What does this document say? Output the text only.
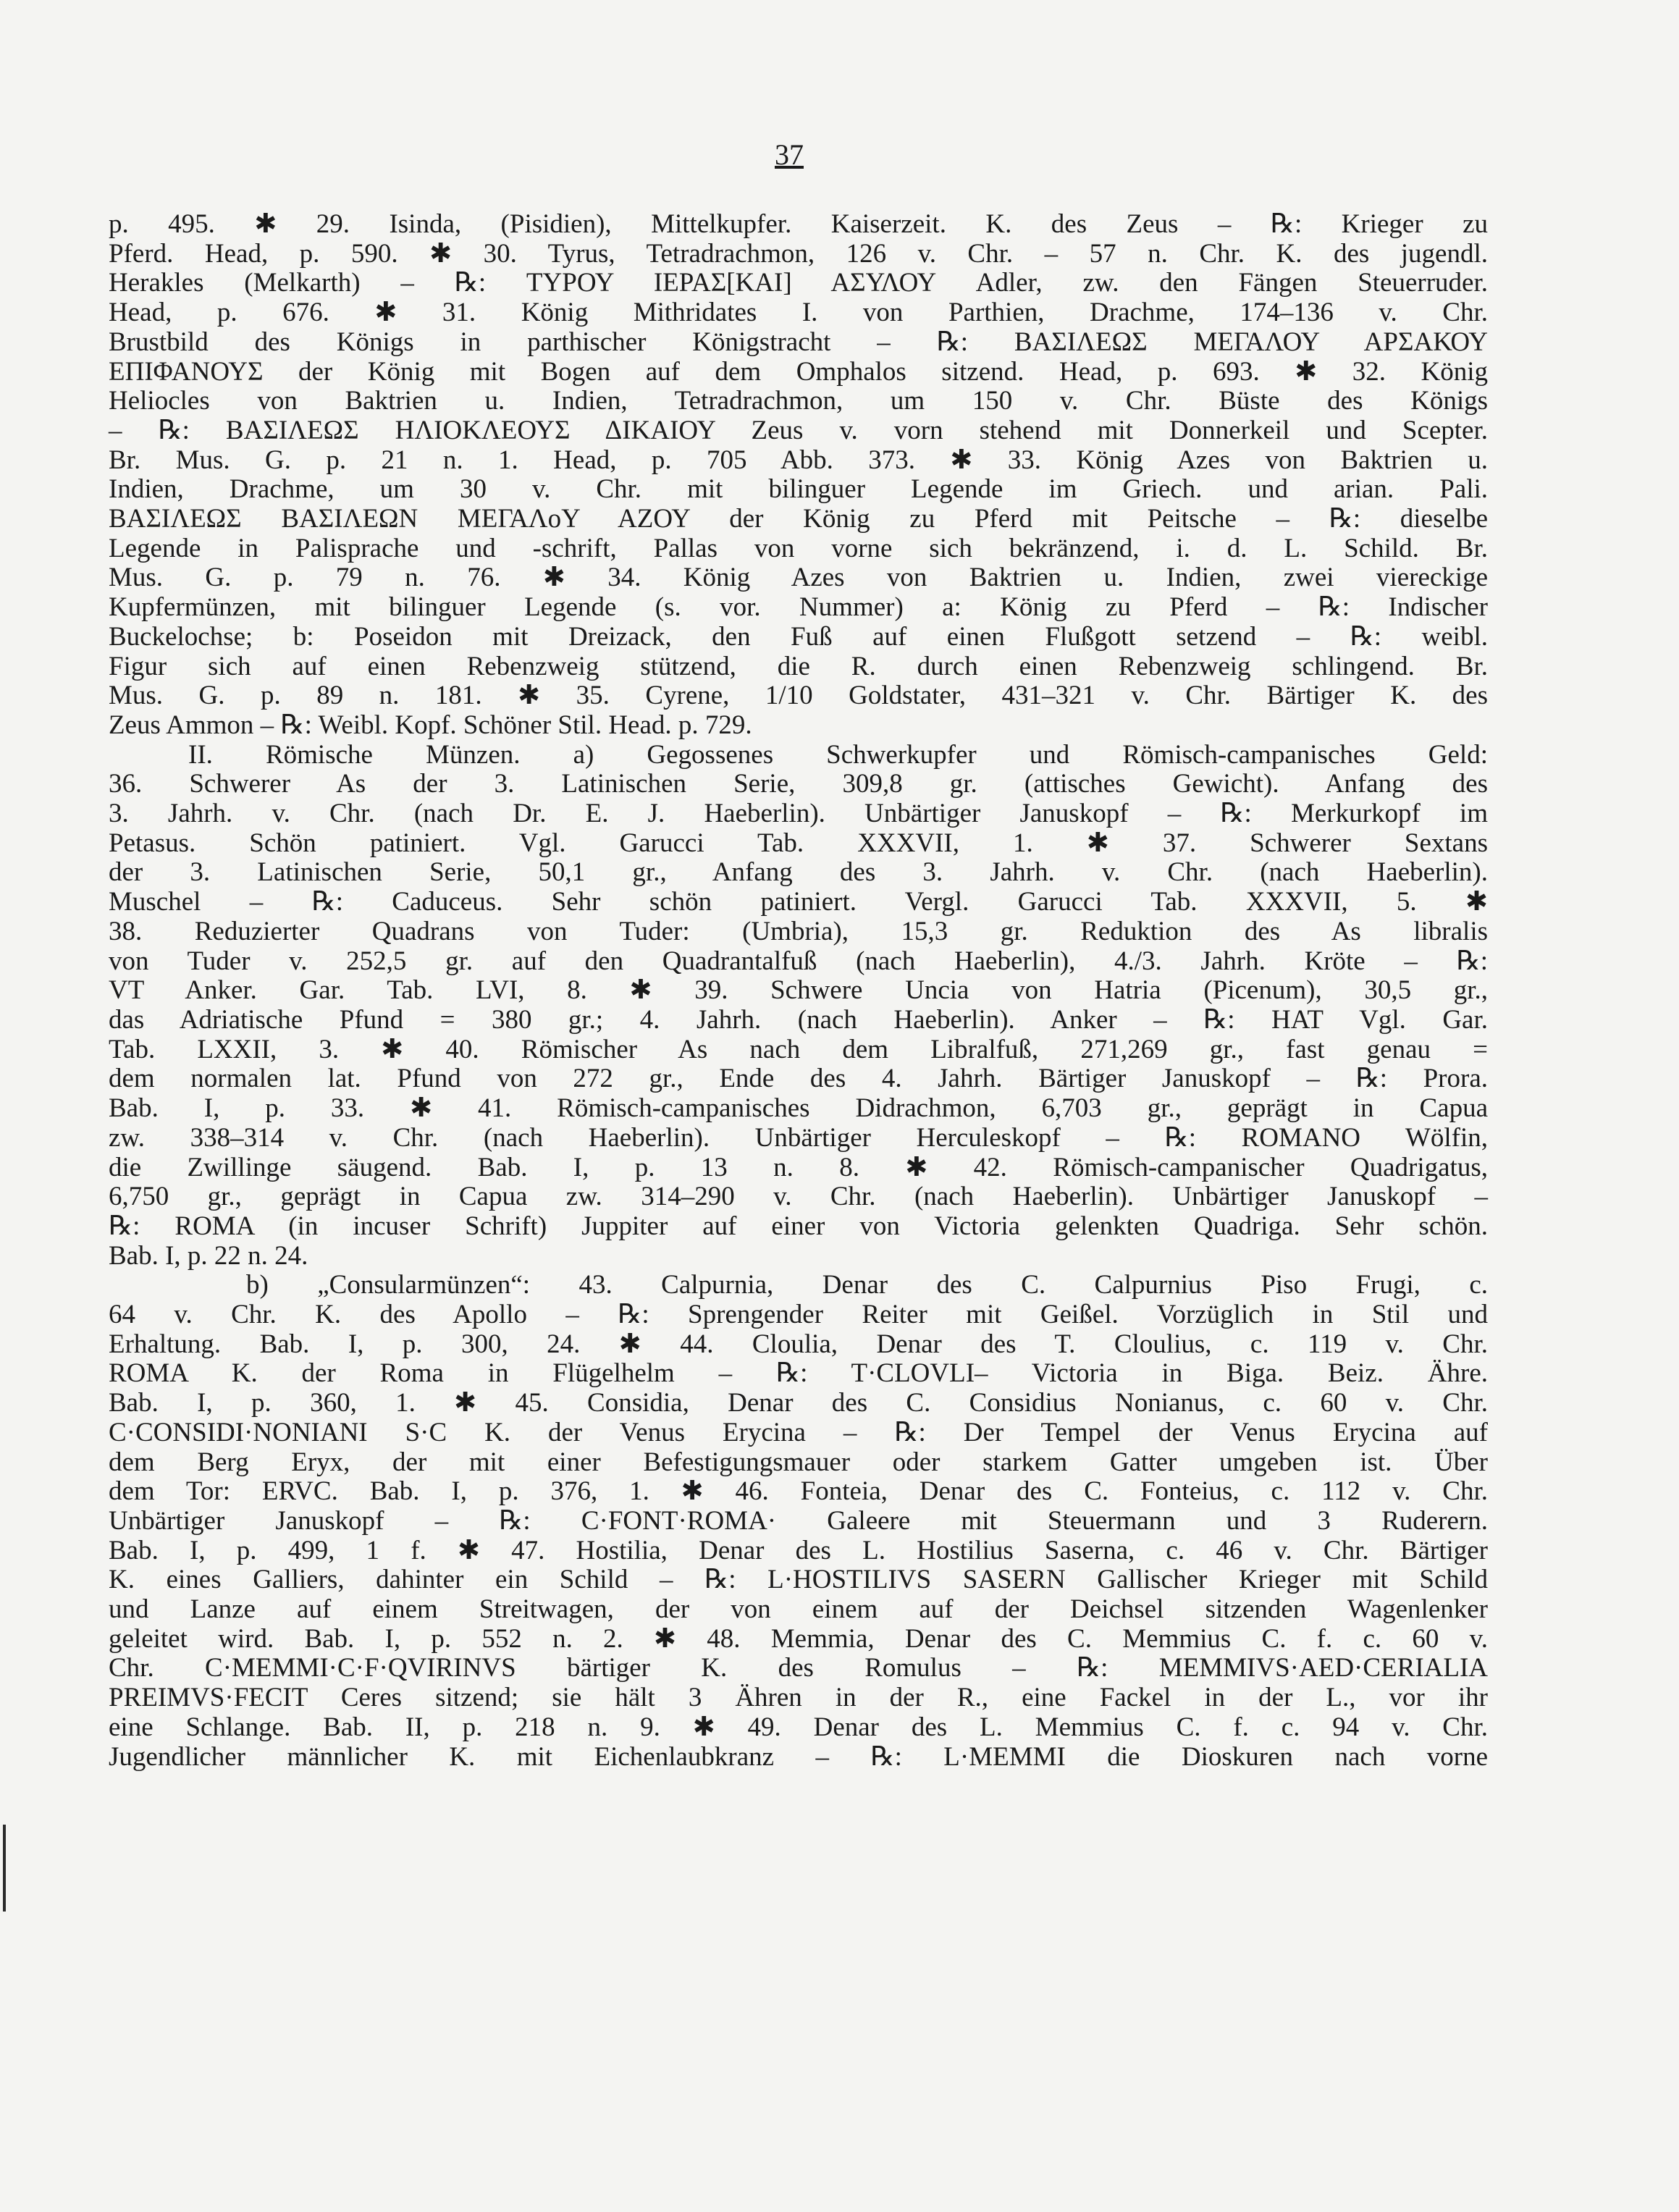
37
p. 495. ✱ 29. Isinda, (Pisidien), Mittelkupfer. Kaiserzeit. K. des Zeus – ℞: Krieger zu
Pferd. Head, p. 590. ✱ 30. Tyrus, Tetradrachmon, 126 v. Chr. – 57 n. Chr. K. des jugendl.
Herakles (Melkarth) – ℞: ΤΥΡΟΥ ΙΕΡΑΣ[ΚΑΙ] ΑΣΥΛΟΥ Adler, zw. den Fängen Steuerruder.
Head, p. 676. ✱ 31. König Mithridates I. von Parthien, Drachme, 174–136 v. Chr.
Brustbild des Königs in parthischer Königstracht – ℞: ΒΑΣΙΛΕΩΣ ΜΕΓΑΛΟΥ ΑΡΣΑΚΟΥ
ΕΠΙΦΑΝΟΥΣ der König mit Bogen auf dem Omphalos sitzend. Head, p. 693. ✱ 32. König
Heliocles von Baktrien u. Indien, Tetradrachmon, um 150 v. Chr. Büste des Königs
– ℞: ΒΑΣΙΛΕΩΣ ΗΛΙΟΚΛΕΟΥΣ ΔΙΚΑΙΟΥ Zeus v. vorn stehend mit Donnerkeil und Scepter.
Br. Mus. G. p. 21 n. 1. Head, p. 705 Abb. 373. ✱ 33. König Azes von Baktrien u.
Indien, Drachme, um 30 v. Chr. mit bilinguer Legende im Griech. und arian. Pali.
ΒΑΣΙΛΕΩΣ ΒΑΣΙΛΕΩΝ ΜΕΓΑΛοΥ ΑΖΟΥ der König zu Pferd mit Peitsche – ℞: dieselbe
Legende in Palisprache und -schrift, Pallas von vorne sich bekränzend, i. d. L. Schild. Br.
Mus. G. p. 79 n. 76. ✱ 34. König Azes von Baktrien u. Indien, zwei viereckige
Kupfermünzen, mit bilinguer Legende (s. vor. Nummer) a: König zu Pferd – ℞: Indischer
Buckelochse; b: Poseidon mit Dreizack, den Fuß auf einen Flußgott setzend – ℞: weibl.
Figur sich auf einen Rebenzweig stützend, die R. durch einen Rebenzweig schlingend. Br.
Mus. G. p. 89 n. 181. ✱ 35. Cyrene, 1/10 Goldstater, 431–321 v. Chr. Bärtiger K. des
Zeus Ammon – ℞: Weibl. Kopf. Schöner Stil. Head. p. 729.
II. Römische Münzen. a) Gegossenes Schwerkupfer und Römisch-campanisches Geld:
36. Schwerer As der 3. Latinischen Serie, 309,8 gr. (attisches Gewicht). Anfang des
3. Jahrh. v. Chr. (nach Dr. E. J. Haeberlin). Unbärtiger Januskopf – ℞: Merkurkopf im
Petasus. Schön patiniert. Vgl. Garucci Tab. XXXVII, 1. ✱ 37. Schwerer Sextans
der 3. Latinischen Serie, 50,1 gr., Anfang des 3. Jahrh. v. Chr. (nach Haeberlin).
Muschel – ℞: Caduceus. Sehr schön patiniert. Vergl. Garucci Tab. XXXVII, 5. ✱
38. Reduzierter Quadrans von Tuder: (Umbria), 15,3 gr. Reduktion des As libralis
von Tuder v. 252,5 gr. auf den Quadrantalfuß (nach Haeberlin), 4./3. Jahrh. Kröte – ℞:
VT Anker. Gar. Tab. LVI, 8. ✱ 39. Schwere Uncia von Hatria (Picenum), 30,5 gr.,
das Adriatische Pfund = 380 gr.; 4. Jahrh. (nach Haeberlin). Anker – ℞: HAT Vgl. Gar.
Tab. LXXII, 3. ✱ 40. Römischer As nach dem Libralfuß, 271,269 gr., fast genau =
dem normalen lat. Pfund von 272 gr., Ende des 4. Jahrh. Bärtiger Januskopf – ℞: Prora.
Bab. I, p. 33. ✱ 41. Römisch-campanisches Didrachmon, 6,703 gr., geprägt in Capua
zw. 338–314 v. Chr. (nach Haeberlin). Unbärtiger Herculeskopf – ℞: ROMANO Wölfin,
die Zwillinge säugend. Bab. I, p. 13 n. 8. ✱ 42. Römisch-campanischer Quadrigatus,
6,750 gr., geprägt in Capua zw. 314–290 v. Chr. (nach Haeberlin). Unbärtiger Januskopf –
℞: ROMA (in incuser Schrift) Juppiter auf einer von Victoria gelenkten Quadriga. Sehr schön.
Bab. I, p. 22 n. 24.
b) „Consularmünzen“: 43. Calpurnia, Denar des C. Calpurnius Piso Frugi, c.
64 v. Chr. K. des Apollo – ℞: Sprengender Reiter mit Geißel. Vorzüglich in Stil und
Erhaltung. Bab. I, p. 300, 24. ✱ 44. Cloulia, Denar des T. Cloulius, c. 119 v. Chr.
ROMA K. der Roma in Flügelhelm – ℞: T·CLOVLI– Victoria in Biga. Beiz. Ähre.
Bab. I, p. 360, 1. ✱ 45. Considia, Denar des C. Considius Nonianus, c. 60 v. Chr.
C·CONSIDI·NONIANI S·C K. der Venus Erycina – ℞: Der Tempel der Venus Erycina auf
dem Berg Eryx, der mit einer Befestigungsmauer oder starkem Gatter umgeben ist. Über
dem Tor: ERVC. Bab. I, p. 376, 1. ✱ 46. Fonteia, Denar des C. Fonteius, c. 112 v. Chr.
Unbärtiger Januskopf – ℞: C·FONT·ROMA· Galeere mit Steuermann und 3 Ruderern.
Bab. I, p. 499, 1 f. ✱ 47. Hostilia, Denar des L. Hostilius Saserna, c. 46 v. Chr. Bärtiger
K. eines Galliers, dahinter ein Schild – ℞: L·HOSTILIVS SASERN Gallischer Krieger mit Schild
und Lanze auf einem Streitwagen, der von einem auf der Deichsel sitzenden Wagenlenker
geleitet wird. Bab. I, p. 552 n. 2. ✱ 48. Memmia, Denar des C. Memmius C. f. c. 60 v.
Chr. C·MEMMI·C·F·QVIRINVS bärtiger K. des Romulus – ℞: MEMMIVS·AED·CERIALIA
PREIMVS·FECIT Ceres sitzend; sie hält 3 Ähren in der R., eine Fackel in der L., vor ihr
eine Schlange. Bab. II, p. 218 n. 9. ✱ 49. Denar des L. Memmius C. f. c. 94 v. Chr.
Jugendlicher männlicher K. mit Eichenlaubkranz – ℞: L·MEMMI die Dioskuren nach vorne
